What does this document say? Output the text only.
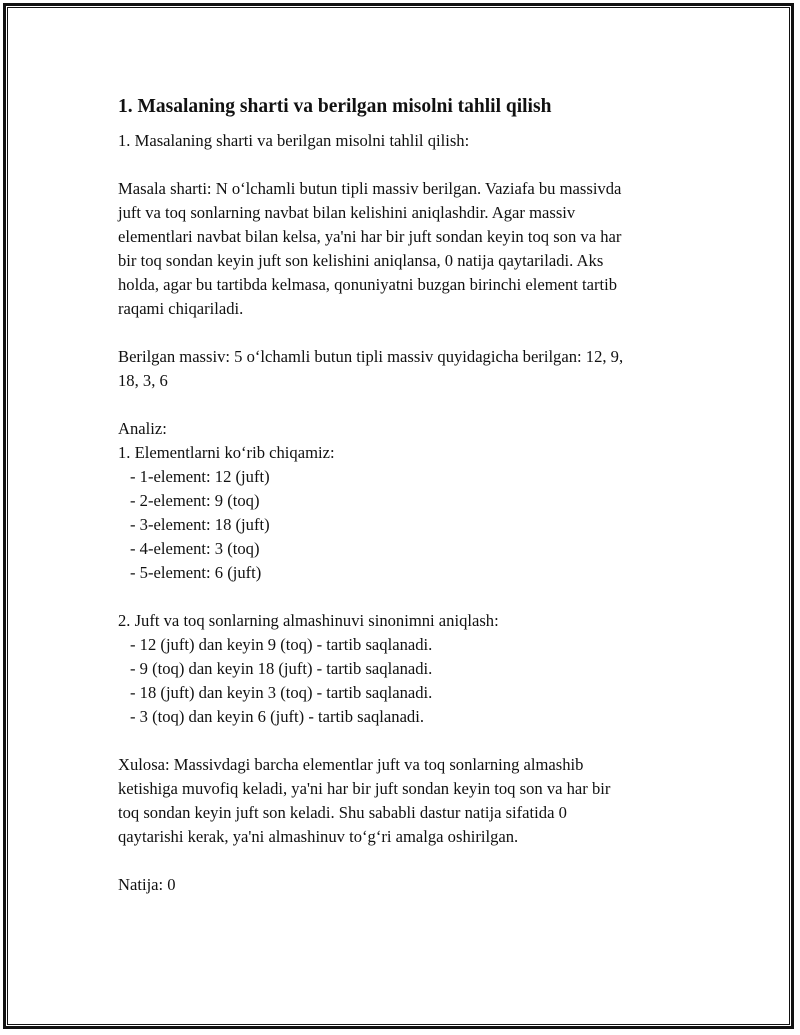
1. Masalaning sharti va berilgan misolni tahlil qilish
1. Masalaning sharti va berilgan misolni tahlil qilish:
Masala sharti: N o‘lchamli butun tipli massiv berilgan. Vaziafa bu massivda
juft va toq sonlarning navbat bilan kelishini aniqlashdir. Agar massiv
elementlari navbat bilan kelsa, ya'ni har bir juft sondan keyin toq son va har
bir toq sondan keyin juft son kelishini aniqlansa, 0 natija qaytariladi. Aks
holda, agar bu tartibda kelmasa, qonuniyatni buzgan birinchi element tartib
raqami chiqariladi.
Berilgan massiv: 5 o‘lchamli butun tipli massiv quyidagicha berilgan: 12, 9,
18, 3, 6
Analiz:
1. Elementlarni ko‘rib chiqamiz:
- 1-element: 12 (juft)
- 2-element: 9 (toq)
- 3-element: 18 (juft)
- 4-element: 3 (toq)
- 5-element: 6 (juft)
2. Juft va toq sonlarning almashinuvi sinonimni aniqlash:
- 12 (juft) dan keyin 9 (toq) - tartib saqlanadi.
- 9 (toq) dan keyin 18 (juft) - tartib saqlanadi.
- 18 (juft) dan keyin 3 (toq) - tartib saqlanadi.
- 3 (toq) dan keyin 6 (juft) - tartib saqlanadi.
Xulosa: Massivdagi barcha elementlar juft va toq sonlarning almashib
ketishiga muvofiq keladi, ya'ni har bir juft sondan keyin toq son va har bir
toq sondan keyin juft son keladi. Shu sababli dastur natija sifatida 0
qaytarishi kerak, ya'ni almashinuv to‘g‘ri amalga oshirilgan.
Natija: 0
